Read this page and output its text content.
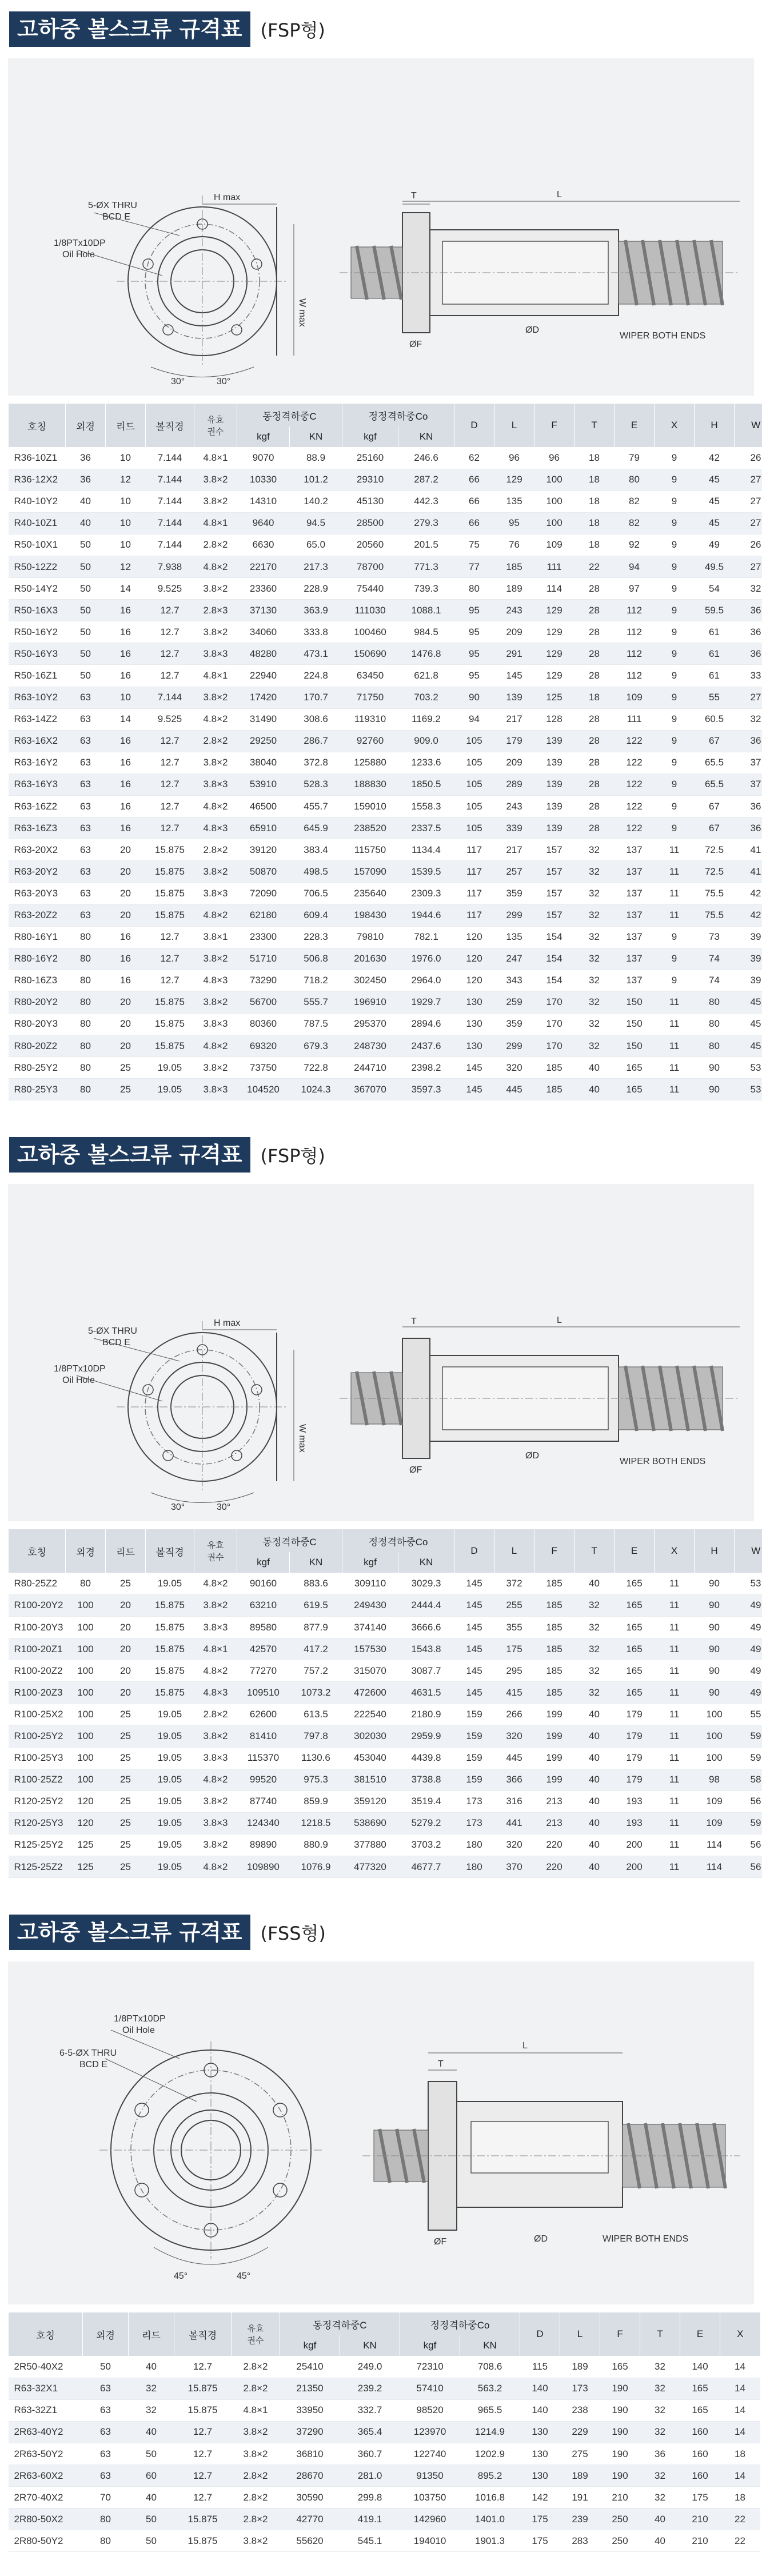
고하중 볼스크류 규격표	(FSP형)
5-ØX THRU
BCD E
1/8PTx10DP
Oil Hole
H max
W max
30°	30°
L
T
ØF
ØD
WIPER BOTH ENDS
호칭	외경	리드	볼직경	유효
권수	동정격하중C		정정격하중Co		D	L	F	T	E	X	H	W
					kgf	KN	kgf	KN								
R36-10Z1	36	10	7.144	4.8×1	9070	88.9	25160	246.6	62	96	96	18	79	9	42	26
R36-12X2	36	12	7.144	3.8×2	10330	101.2	29310	287.2	66	129	100	18	80	9	45	27
R40-10Y2	40	10	7.144	3.8×2	14310	140.2	45130	442.3	66	135	100	18	82	9	45	27
R40-10Z1	40	10	7.144	4.8×1	9640	94.5	28500	279.3	66	95	100	18	82	9	45	27
R50-10X1	50	10	7.144	2.8×2	6630	65.0	20560	201.5	75	76	109	18	92	9	49	26
R50-12Z2	50	12	7.938	4.8×2	22170	217.3	78700	771.3	77	185	111	22	94	9	49.5	27
R50-14Y2	50	14	9.525	3.8×2	23360	228.9	75440	739.3	80	189	114	28	97	9	54	32
R50-16X3	50	16	12.7	2.8×3	37130	363.9	111030	1088.1	95	243	129	28	112	9	59.5	36
R50-16Y2	50	16	12.7	3.8×2	34060	333.8	100460	984.5	95	209	129	28	112	9	61	36
R50-16Y3	50	16	12.7	3.8×3	48280	473.1	150690	1476.8	95	291	129	28	112	9	61	36
R50-16Z1	50	16	12.7	4.8×1	22940	224.8	63450	621.8	95	145	129	28	112	9	61	33
R63-10Y2	63	10	7.144	3.8×2	17420	170.7	71750	703.2	90	139	125	18	109	9	55	27
R63-14Z2	63	14	9.525	4.8×2	31490	308.6	119310	1169.2	94	217	128	28	111	9	60.5	32
R63-16X2	63	16	12.7	2.8×2	29250	286.7	92760	909.0	105	179	139	28	122	9	67	36
R63-16Y2	63	16	12.7	3.8×2	38040	372.8	125880	1233.6	105	209	139	28	122	9	65.5	37
R63-16Y3	63	16	12.7	3.8×3	53910	528.3	188830	1850.5	105	289	139	28	122	9	65.5	37
R63-16Z2	63	16	12.7	4.8×2	46500	455.7	159010	1558.3	105	243	139	28	122	9	67	36
R63-16Z3	63	16	12.7	4.8×3	65910	645.9	238520	2337.5	105	339	139	28	122	9	67	36
R63-20X2	63	20	15.875	2.8×2	39120	383.4	115750	1134.4	117	217	157	32	137	11	72.5	41
R63-20Y2	63	20	15.875	3.8×2	50870	498.5	157090	1539.5	117	257	157	32	137	11	72.5	41
R63-20Y3	63	20	15.875	3.8×3	72090	706.5	235640	2309.3	117	359	157	32	137	11	75.5	42
R63-20Z2	63	20	15.875	4.8×2	62180	609.4	198430	1944.6	117	299	157	32	137	11	75.5	42
R80-16Y1	80	16	12.7	3.8×1	23300	228.3	79810	782.1	120	135	154	32	137	9	73	39
R80-16Y2	80	16	12.7	3.8×2	51710	506.8	201630	1976.0	120	247	154	32	137	9	74	39
R80-16Z3	80	16	12.7	4.8×3	73290	718.2	302450	2964.0	120	343	154	32	137	9	74	39
R80-20Y2	80	20	15.875	3.8×2	56700	555.7	196910	1929.7	130	259	170	32	150	11	80	45
R80-20Y3	80	20	15.875	3.8×3	80360	787.5	295370	2894.6	130	359	170	32	150	11	80	45
R80-20Z2	80	20	15.875	4.8×2	69320	679.3	248730	2437.6	130	299	170	32	150	11	80	45
R80-25Y2	80	25	19.05	3.8×2	73750	722.8	244710	2398.2	145	320	185	40	165	11	90	53
R80-25Y3	80	25	19.05	3.8×3	104520	1024.3	367070	3597.3	145	445	185	40	165	11	90	53
고하중 볼스크류 규격표	(FSP형)
5-ØX THRU
BCD E
1/8PTx10DP
Oil Hole
H max
W max
30°	30°
L
T
ØF
ØD
WIPER BOTH ENDS
호칭	외경	리드	볼직경	유효
권수	동정격하중C		정정격하중Co		D	L	F	T	E	X	H	W
					kgf	KN	kgf	KN								
R80-25Z2	80	25	19.05	4.8×2	90160	883.6	309110	3029.3	145	372	185	40	165	11	90	53
R100-20Y2	100	20	15.875	3.8×2	63210	619.5	249430	2444.4	145	255	185	32	165	11	90	49
R100-20Y3	100	20	15.875	3.8×3	89580	877.9	374140	3666.6	145	355	185	32	165	11	90	49
R100-20Z1	100	20	15.875	4.8×1	42570	417.2	157530	1543.8	145	175	185	32	165	11	90	49
R100-20Z2	100	20	15.875	4.8×2	77270	757.2	315070	3087.7	145	295	185	32	165	11	90	49
R100-20Z3	100	20	15.875	4.8×3	109510	1073.2	472600	4631.5	145	415	185	32	165	11	90	49
R100-25X2	100	25	19.05	2.8×2	62600	613.5	222540	2180.9	159	266	199	40	179	11	100	55
R100-25Y2	100	25	19.05	3.8×2	81410	797.8	302030	2959.9	159	320	199	40	179	11	100	59
R100-25Y3	100	25	19.05	3.8×3	115370	1130.6	453040	4439.8	159	445	199	40	179	11	100	59
R100-25Z2	100	25	19.05	4.8×2	99520	975.3	381510	3738.8	159	366	199	40	179	11	98	58
R120-25Y2	120	25	19.05	3.8×2	87740	859.9	359120	3519.4	173	316	213	40	193	11	109	56
R120-25Y3	120	25	19.05	3.8×3	124340	1218.5	538690	5279.2	173	441	213	40	193	11	109	59
R125-25Y2	125	25	19.05	3.8×2	89890	880.9	377880	3703.2	180	320	220	40	200	11	114	56
R125-25Z2	125	25	19.05	4.8×2	109890	1076.9	477320	4677.7	180	370	220	40	200	11	114	56
고하중 볼스크류 규격표	(FSS형)
6-5-ØX THRU
BCD E
1/8PTx10DP
Oil Hole
45°	45°
L
T
ØF	ØD	WIPER BOTH ENDS
호칭	외경	리드	볼직경	유효
권수	동정격하중C		정정격하중Co		D	L	F	T	E	X
					kgf	KN	kgf	KN						
2R50-40X2	50	40	12.7	2.8×2	25410	249.0	72310	708.6	115	189	165	32	140	14
R63-32X1	63	32	15.875	2.8×2	21350	239.2	57410	563.2	140	173	190	32	165	14
R63-32Z1	63	32	15.875	4.8×1	33950	332.7	98520	965.5	140	238	190	32	165	14
2R63-40Y2	63	40	12.7	3.8×2	37290	365.4	123970	1214.9	130	229	190	32	160	14
2R63-50Y2	63	50	12.7	3.8×2	36810	360.7	122740	1202.9	130	275	190	36	160	18
2R63-60X2	63	60	12.7	2.8×2	28670	281.0	91350	895.2	130	189	190	32	160	14
2R70-40X2	70	40	12.7	2.8×2	30590	299.8	103750	1016.8	142	191	210	32	175	18
2R80-50X2	80	50	15.875	2.8×2	42770	419.1	142960	1401.0	175	239	250	40	210	22
2R80-50Y2	80	50	15.875	3.8×2	55620	545.1	194010	1901.3	175	283	250	40	210	22
